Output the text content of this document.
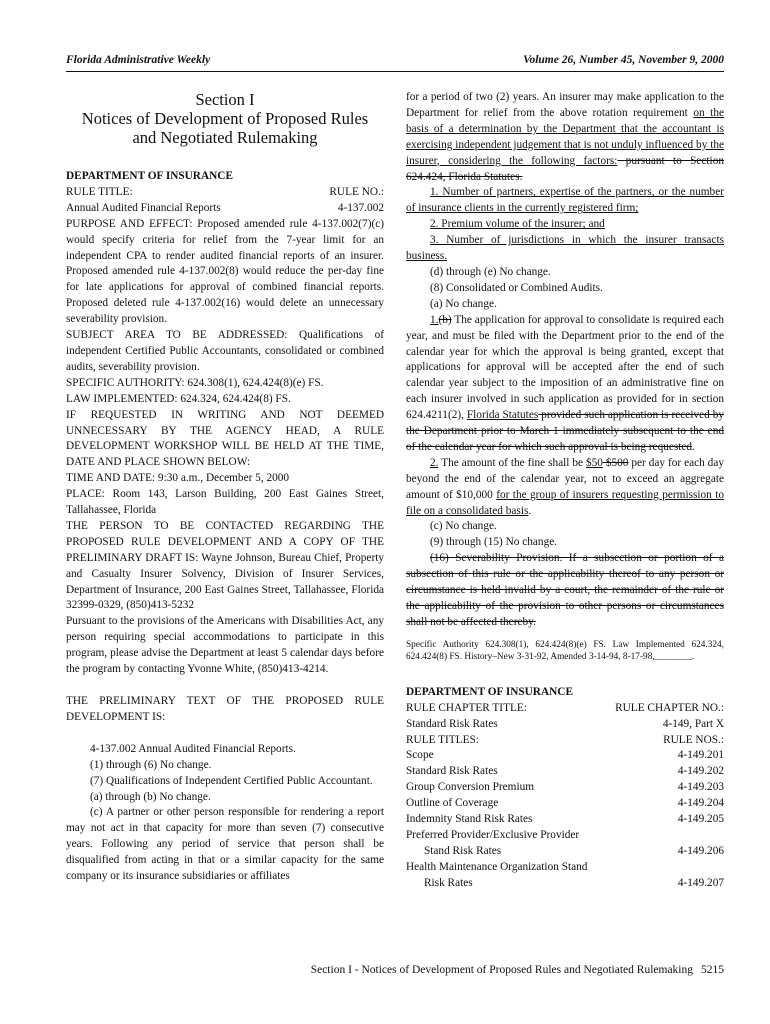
Florida Administrative Weekly	Volume 26, Number 45, November 9, 2000

Section I

Notices of Development of Proposed Rules

and Negotiated Rulemaking

DEPARTMENT OF INSURANCE

RULE TITLE:	RULE NO.:
Annual Audited Financial Reports	4-137.002

PURPOSE AND EFFECT: Proposed amended rule 4-137.002(7)(c) would specify criteria for relief from the 7-year limit for an independent CPA to render audited financial reports of an insurer. Proposed amended rule 4-137.002(8) would reduce the per-day fine for late applications for approval of combined financial reports. Proposed deleted rule 4-137.002(16) would delete an unnecessary severability provision.

SUBJECT AREA TO BE ADDRESSED: Qualifications of independent Certified Public Accountants, consolidated or combined audits, severability provision.

SPECIFIC AUTHORITY: 624.308(1), 624.424(8)(e) FS.

LAW IMPLEMENTED: 624.324, 624.424(8) FS.

IF REQUESTED IN WRITING AND NOT DEEMED UNNECESSARY BY THE AGENCY HEAD, A RULE DEVELOPMENT WORKSHOP WILL BE HELD AT THE TIME, DATE AND PLACE SHOWN BELOW:

TIME AND DATE: 9:30 a.m., December 5, 2000

PLACE: Room 143, Larson Building, 200 East Gaines Street, Tallahassee, Florida

THE PERSON TO BE CONTACTED REGARDING THE PROPOSED RULE DEVELOPMENT AND A COPY OF THE PRELIMINARY DRAFT IS: Wayne Johnson, Bureau Chief, Property and Casualty Insurer Solvency, Division of Insurer Services, Department of Insurance, 200 East Gaines Street, Tallahassee, Florida 32399-0329, (850)413-5232

Pursuant to the provisions of the Americans with Disabilities Act, any person requiring special accommodations to participate in this program, please advise the Department at least 5 calendar days before the program by contacting Yvonne White, (850)413-4214.

THE PRELIMINARY TEXT OF THE PROPOSED RULE DEVELOPMENT IS:

4-137.002 Annual Audited Financial Reports.

(1) through (6) No change.

(7) Qualifications of Independent Certified Public Accountant.

(a) through (b) No change.

(c) A partner or other person responsible for rendering a report may not act in that capacity for more than seven (7) consecutive years. Following any period of service that person shall be disqualified from acting in that or a similar capacity for the same company or its insurance subsidiaries or affiliates

for a period of two (2) years. An insurer may make application to the Department for relief from the above rotation requirement on the basis of a determination by the Department that the accountant is exercising independent judgement that is not unduly influenced by the insurer, considering the following factors: pursuant to Section 624.424, Florida Statutes.

1. Number of partners, expertise of the partners, or the number of insurance clients in the currently registered firm;

2. Premium volume of the insurer; and

3. Number of jurisdictions in which the insurer transacts business.

(d) through (e) No change.

(8) Consolidated or Combined Audits.

(a) No change.

1.(b) The application for approval to consolidate is required each year, and must be filed with the Department prior to the end of the calendar year for which the approval is being granted, except that applications for approval will be accepted after the end of such calendar year subject to the imposition of an administrative fine on each insurer involved in such application as provided for in section 624.4211(2), Florida Statutes provided such application is received by the Department prior to March 1 immediately subsequent to the end of the calendar year for which such approval is being requested.

2. The amount of the fine shall be $50 $500 per day for each day beyond the end of the calendar year, not to exceed an aggregate amount of $10,000 for the group of insurers requesting permission to file on a consolidated basis.

(c) No change.

(9) through (15) No change.

(16) Severability Provision. If a subsection or portion of a subsection of this rule or the applicability thereof to any person or circumstance is held invalid by a court, the remainder of the rule or the applicability of the provision to other persons or circumstances shall not be affected thereby.

Specific Authority 624.308(1), 624.424(8)(e) FS. Law Implemented 624.324, 624.424(8) FS. History–New 3-31-92, Amended 3-14-94, 8-17-98,________.

DEPARTMENT OF INSURANCE

RULE CHAPTER TITLE:	RULE CHAPTER NO.:
Standard Risk Rates	4-149, Part X
RULE TITLES:	RULE NOS.:
Scope	4-149.201
Standard Risk Rates	4-149.202
Group Conversion Premium	4-149.203
Outline of Coverage	4-149.204
Indemnity Stand Risk Rates	4-149.205

Preferred Provider/Exclusive Provider

Stand Risk Rates	4-149.206

Health Maintenance Organization Stand

Risk Rates	4-149.207
Section I - Notices of Development of Proposed Rules and Negotiated Rulemaking 5215
